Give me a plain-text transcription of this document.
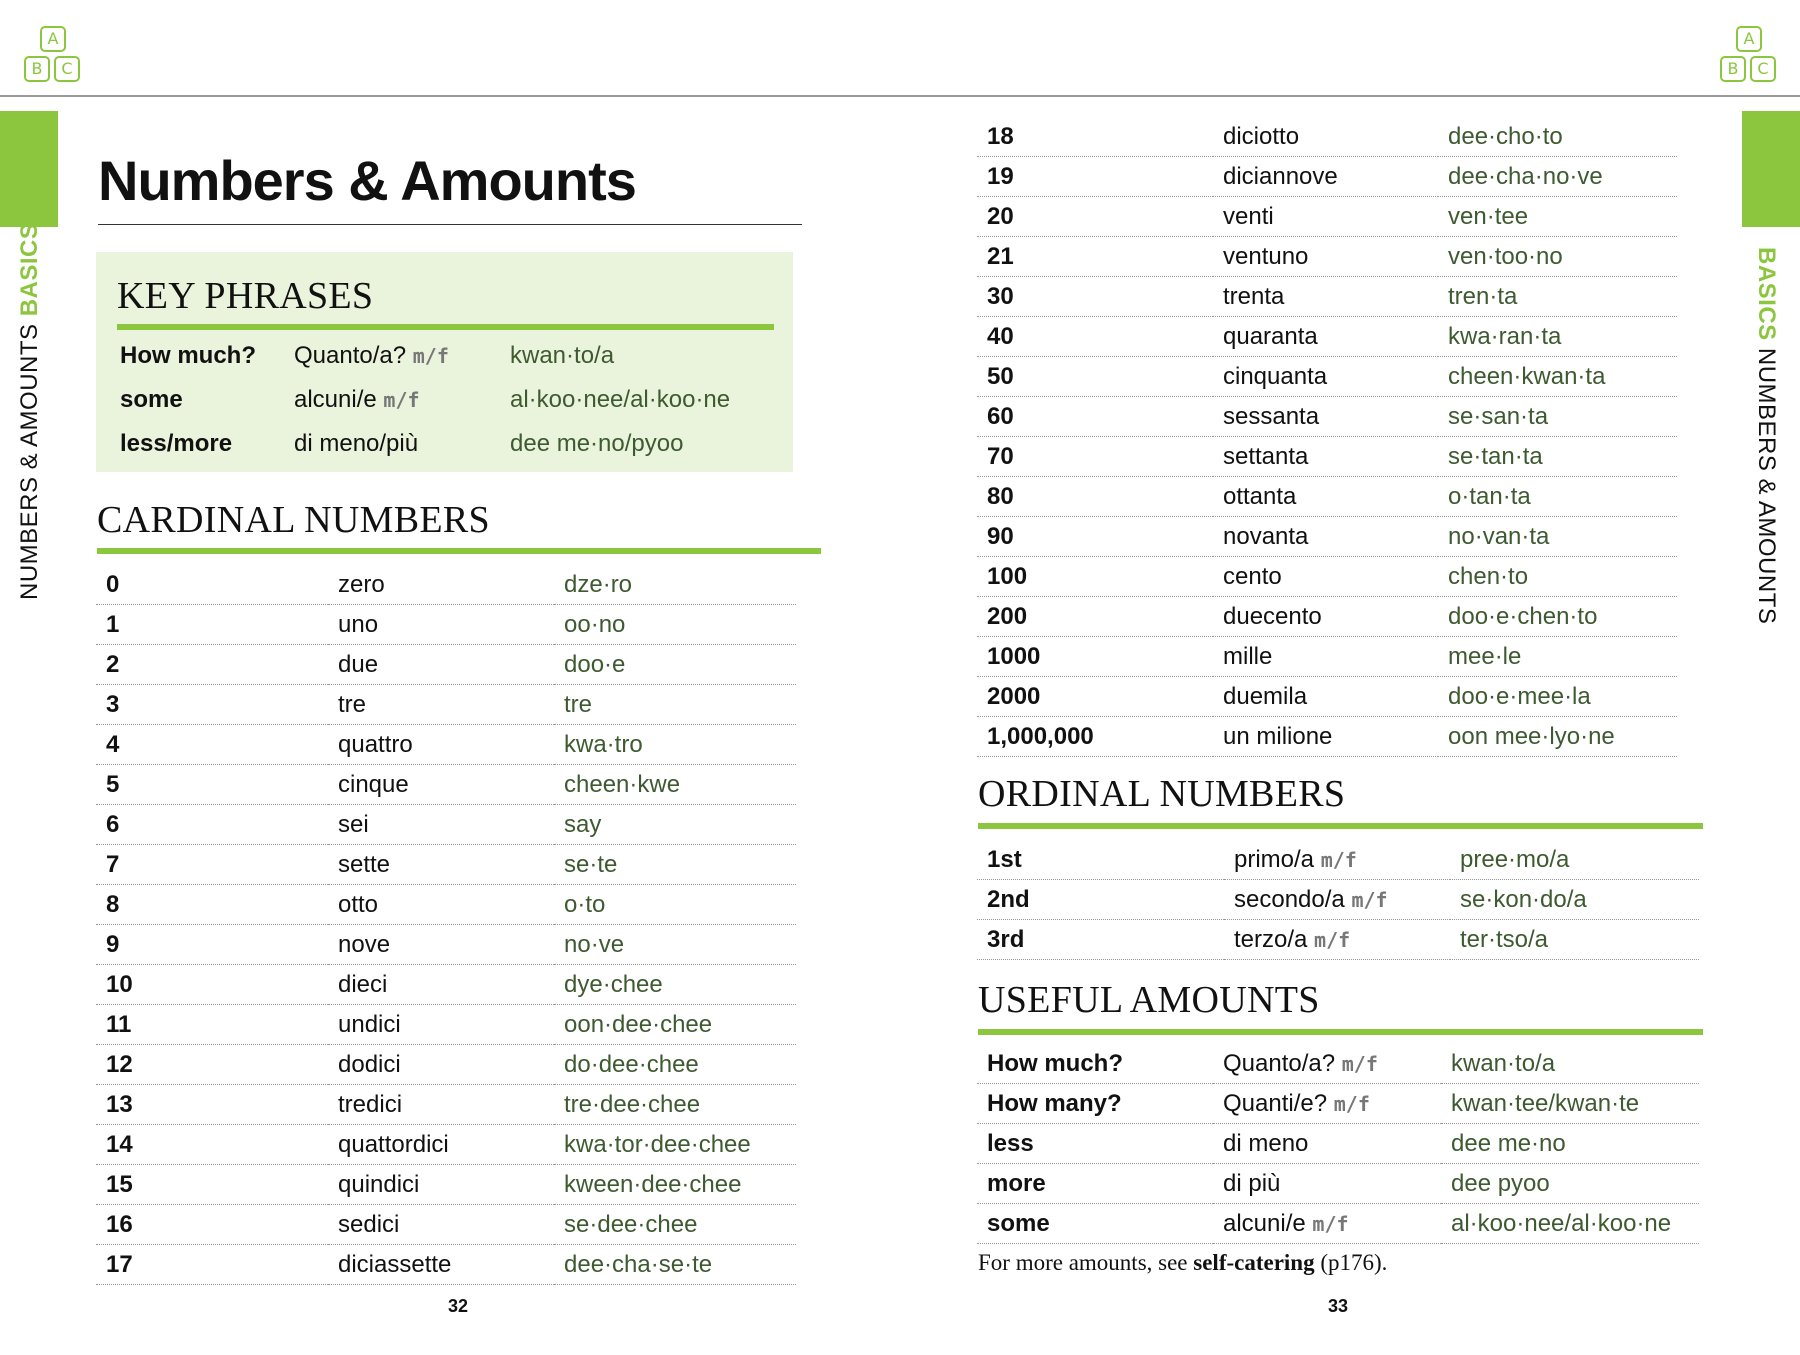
A
B	C
A
B	C
NUMBERS & AMOUNTS BASICS	BASICS NUMBERS & AMOUNTS
Numbers & Amounts
KEY PHRASES
How much?	Quanto/a? m/f	kwan·to/a
some	alcuni/e m/f	al·koo·nee/al·koo·ne
less/more	di meno/più	dee me·no/pyoo
CARDINAL NUMBERS
0	zero	dze·ro
1	uno	oo·no
2	due	doo·e
3	tre	tre
4	quattro	kwa·tro
5	cinque	cheen·kwe
6	sei	say
7	sette	se·te
8	otto	o·to
9	nove	no·ve
10	dieci	dye·chee
11	undici	oon·dee·chee
12	dodici	do·dee·chee
13	tredici	tre·dee·chee
14	quattordici	kwa·tor·dee·chee
15	quindici	kween·dee·chee
16	sedici	se·dee·chee
17	diciassette	dee·cha·se·te
32
18	diciotto	dee·cho·to
19	diciannove	dee·cha·no·ve
20	venti	ven·tee
21	ventuno	ven·too·no
30	trenta	tren·ta
40	quaranta	kwa·ran·ta
50	cinquanta	cheen·kwan·ta
60	sessanta	se·san·ta
70	settanta	se·tan·ta
80	ottanta	o·tan·ta
90	novanta	no·van·ta
100	cento	chen·to
200	duecento	doo·e·chen·to
1000	mille	mee·le
2000	duemila	doo·e·mee·la
1,000,000	un milione	oon mee·lyo·ne
ORDINAL NUMBERS
1st	primo/a m/f	pree·mo/a
2nd	secondo/a m/f	se·kon·do/a
3rd	terzo/a m/f	ter·tso/a
USEFUL AMOUNTS
How much?	Quanto/a? m/f	kwan·to/a
How many?	Quanti/e? m/f	kwan·tee/kwan·te
less	di meno	dee me·no
more	di più	dee pyoo
some	alcuni/e m/f	al·koo·nee/al·koo·ne
For more amounts, see self-catering (p176).
33
